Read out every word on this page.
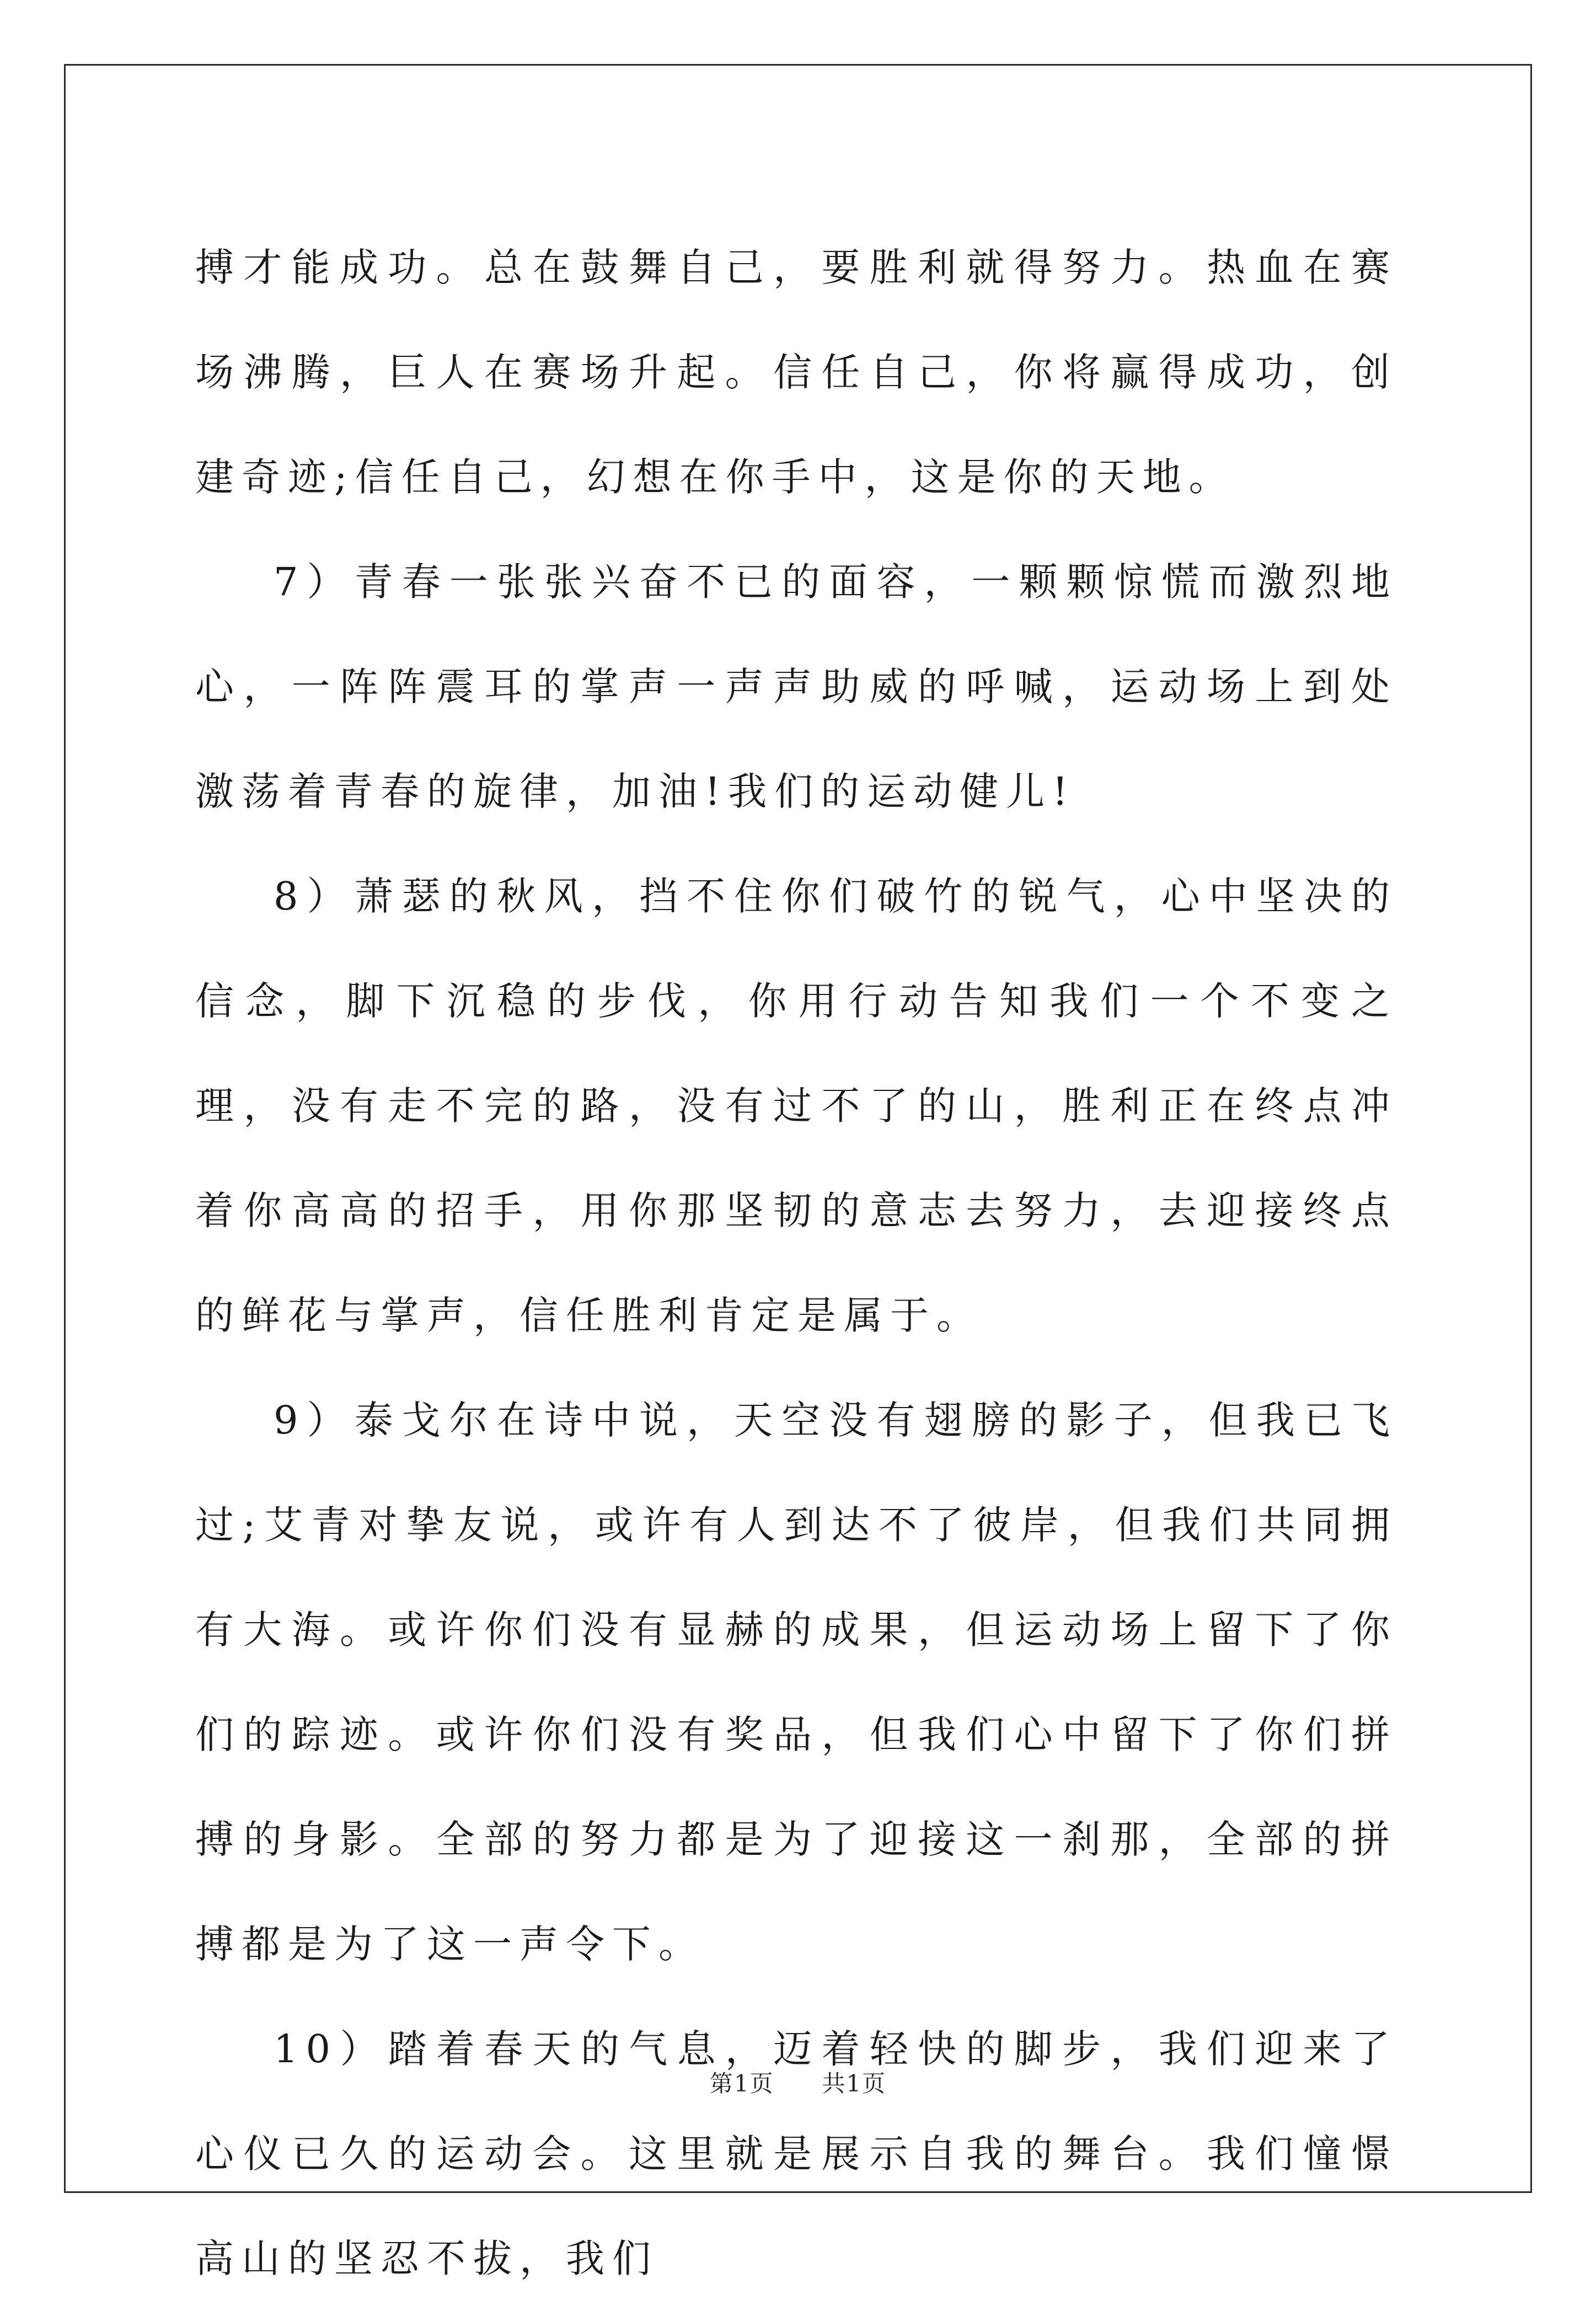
搏才能成功。总在鼓舞自己，要胜利就得努力。热血在赛场沸腾，巨人在赛场升起。信任自己，你将赢得成功，创建奇迹;信任自己，幻想在你手中，这是你的天地。

7）青春一张张兴奋不已的面容，一颗颗惊慌而激烈地心，一阵阵震耳的掌声一声声助威的呼喊，运动场上到处激荡着青春的旋律，加油!我们的运动健儿!

8）萧瑟的秋风，挡不住你们破竹的锐气，心中坚决的信念，脚下沉稳的步伐，你用行动告知我们一个不变之理，没有走不完的路，没有过不了的山，胜利正在终点冲着你高高的招手，用你那坚韧的意志去努力，去迎接终点的鲜花与掌声，信任胜利肯定是属于。

9）泰戈尔在诗中说，天空没有翅膀的影子，但我已飞过;艾青对挚友说，或许有人到达不了彼岸，但我们共同拥有大海。或许你们没有显赫的成果，但运动场上留下了你们的踪迹。或许你们没有奖品，但我们心中留下了你们拼搏的身影。全部的努力都是为了迎接这一刹那，全部的拼搏都是为了这一声令下。

10）踏着春天的气息，迈着轻快的脚步，我们迎来了心仪已久的运动会。这里就是展示自我的舞台。我们憧憬高山的坚忍不拔，我们

第1页 共1页
